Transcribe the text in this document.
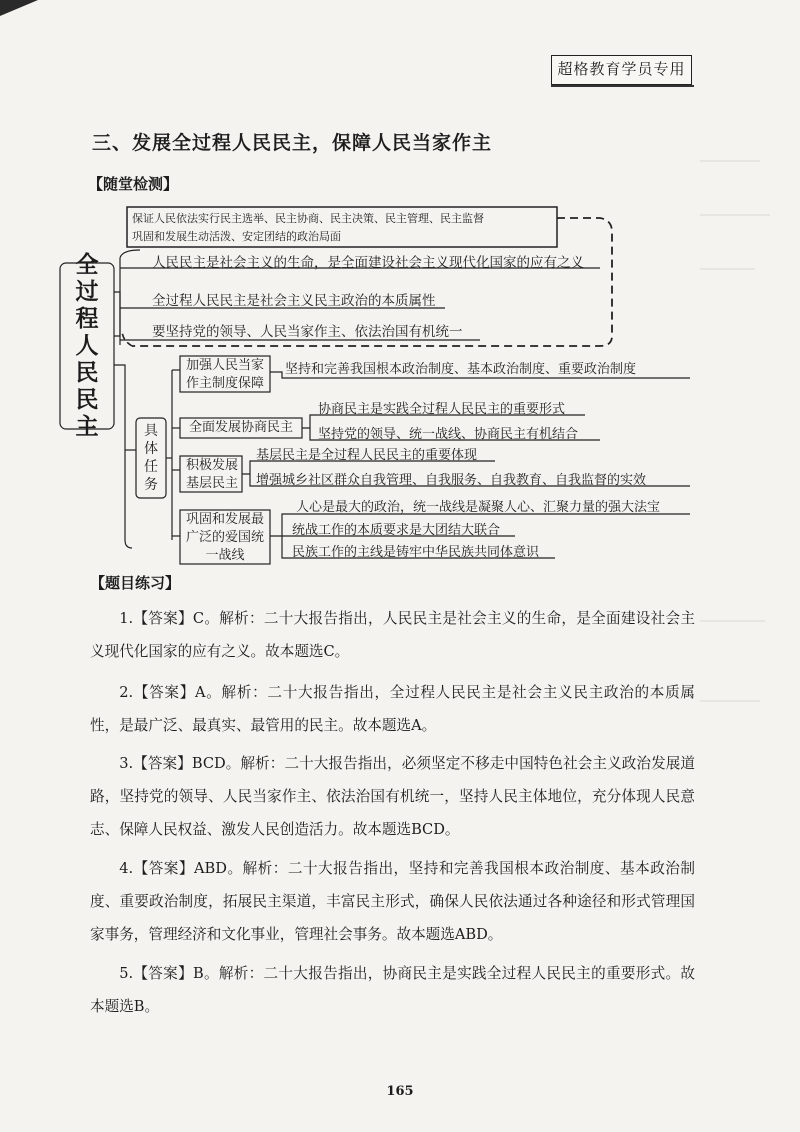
超格教育学员专用
三、发展全过程人民民主，保障人民当家作主
【随堂检测】
保证人民依法实行民主选举、民主协商、民主决策、民主管理、民主监督
巩固和发展生动活泼、安定团结的政治局面
全过程人民民主
人民民主是社会主义的生命，是全面建设社会主义现代化国家的应有之义
全过程人民民主是社会主义民主政治的本质属性
要坚持党的领导、人民当家作主、依法治国有机统一
具体任务
加强人民当家作主制度保障
全面发展协商民主
积极发展基层民主
巩固和发展最广泛的爱国统一战线
坚持和完善我国根本政治制度、基本政治制度、重要政治制度
协商民主是实践全过程人民民主的重要形式
坚持党的领导、统一战线、协商民主有机结合
基层民主是全过程人民民主的重要体现
增强城乡社区群众自我管理、自我服务、自我教育、自我监督的实效
人心是最大的政治，统一战线是凝聚人心、汇聚力量的强大法宝
统战工作的本质要求是大团结大联合
民族工作的主线是铸牢中华民族共同体意识
【题目练习】
1.【答案】C。解析：二十大报告指出，人民民主是社会主义的生命，是全面建设社会主义现代化国家的应有之义。故本题选C。
2.【答案】A。解析：二十大报告指出，全过程人民民主是社会主义民主政治的本质属性，是最广泛、最真实、最管用的民主。故本题选A。
3.【答案】BCD。解析：二十大报告指出，必须坚定不移走中国特色社会主义政治发展道路，坚持党的领导、人民当家作主、依法治国有机统一，坚持人民主体地位，充分体现人民意志、保障人民权益、激发人民创造活力。故本题选BCD。
4.【答案】ABD。解析：二十大报告指出，坚持和完善我国根本政治制度、基本政治制度、重要政治制度，拓展民主渠道，丰富民主形式，确保人民依法通过各种途径和形式管理国家事务，管理经济和文化事业，管理社会事务。故本题选ABD。
5.【答案】B。解析：二十大报告指出，协商民主是实践全过程人民民主的重要形式。故本题选B。
165
